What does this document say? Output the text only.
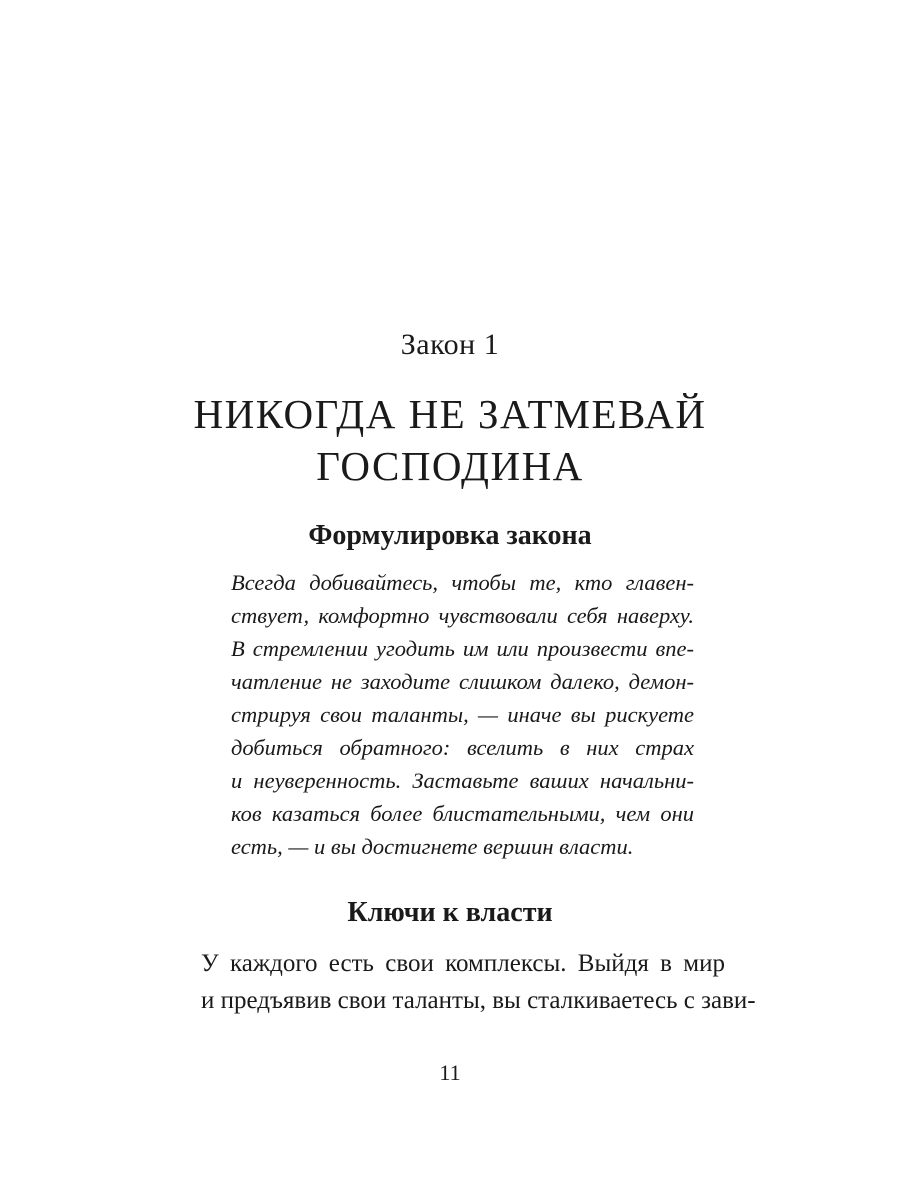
Закон 1
НИКОГДА НЕ ЗАТМЕВАЙ
ГОСПОДИНА
Формулировка закона
Всегда добивайтесь, чтобы те, кто главен-
ствует, комфортно чувствовали себя наверху.
В стремлении угодить им или произвести впе-
чатление не заходите слишком далеко, демон-
стрируя свои таланты, — иначе вы рискуете
добиться обратного: вселить в них страх
и неуверенность. Заставьте ваших начальни-
ков казаться более блистательными, чем они
есть, — и вы достигнете вершин власти.
Ключи к власти
У каждого есть свои комплексы. Выйдя в мир
и предъявив свои таланты, вы сталкиваетесь с зави-
11
